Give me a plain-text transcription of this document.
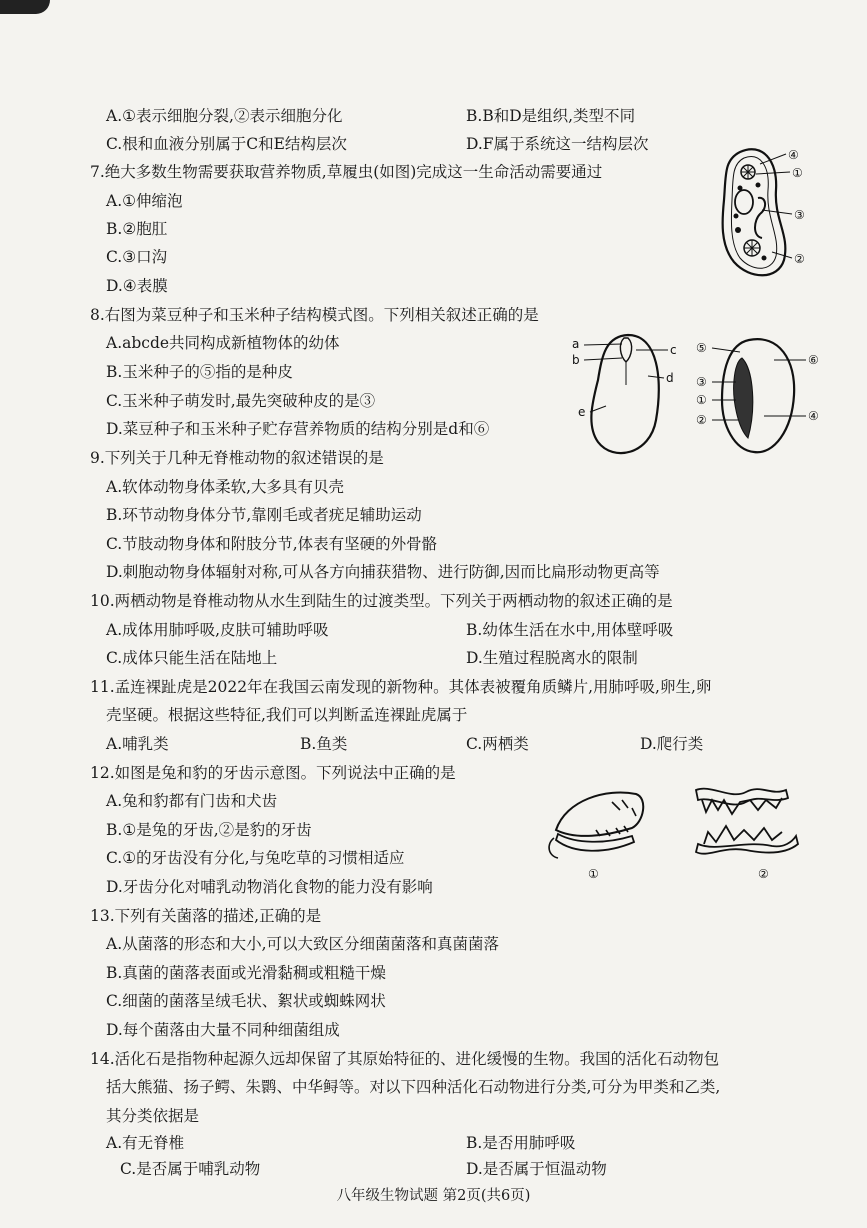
A.①表示细胞分裂,②表示细胞分化	B.B和D是组织,类型不同
C.根和血液分别属于C和E结构层次	D.F属于系统这一结构层次
7.绝大多数生物需要获取营养物质,草履虫(如图)完成这一生命活动需要通过
A.①伸缩泡
B.②胞肛
C.③口沟
D.④表膜
④
①
③
②
8.右图为菜豆种子和玉米种子结构模式图。下列相关叙述正确的是
A.abcde共同构成新植物体的幼体
B.玉米种子的⑤指的是种皮
C.玉米种子萌发时,最先突破种皮的是③
D.菜豆种子和玉米种子贮存营养物质的结构分别是d和⑥
a
b
c
d
e
⑤
⑥
③
①
②	④
9.下列关于几种无脊椎动物的叙述错误的是
A.软体动物身体柔软,大多具有贝壳
B.环节动物身体分节,靠刚毛或者疣足辅助运动
C.节肢动物身体和附肢分节,体表有坚硬的外骨骼
D.刺胞动物身体辐射对称,可从各方向捕获猎物、进行防御,因而比扁形动物更高等
10.两栖动物是脊椎动物从水生到陆生的过渡类型。下列关于两栖动物的叙述正确的是
A.成体用肺呼吸,皮肤可辅助呼吸	B.幼体生活在水中,用体壁呼吸
C.成体只能生活在陆地上	D.生殖过程脱离水的限制
11.孟连裸趾虎是2022年在我国云南发现的新物种。其体表被覆角质鳞片,用肺呼吸,卵生,卵
壳坚硬。根据这些特征,我们可以判断孟连裸趾虎属于
A.哺乳类	B.鱼类	C.两栖类	D.爬行类
12.如图是兔和豹的牙齿示意图。下列说法中正确的是
A.兔和豹都有门齿和犬齿
B.①是兔的牙齿,②是豹的牙齿
C.①的牙齿没有分化,与兔吃草的习惯相适应
D.牙齿分化对哺乳动物消化食物的能力没有影响
①	②
13.下列有关菌落的描述,正确的是
A.从菌落的形态和大小,可以大致区分细菌菌落和真菌菌落
B.真菌的菌落表面或光滑黏稠或粗糙干燥
C.细菌的菌落呈绒毛状、絮状或蜘蛛网状
D.每个菌落由大量不同种细菌组成
14.活化石是指物种起源久远却保留了其原始特征的、进化缓慢的生物。我国的活化石动物包
括大熊猫、扬子鳄、朱鹮、中华鲟等。对以下四种活化石动物进行分类,可分为甲类和乙类,
其分类依据是
A.有无脊椎	B.是否用肺呼吸
C.是否属于哺乳动物	D.是否属于恒温动物
八年级生物试题 第2页(共6页)
